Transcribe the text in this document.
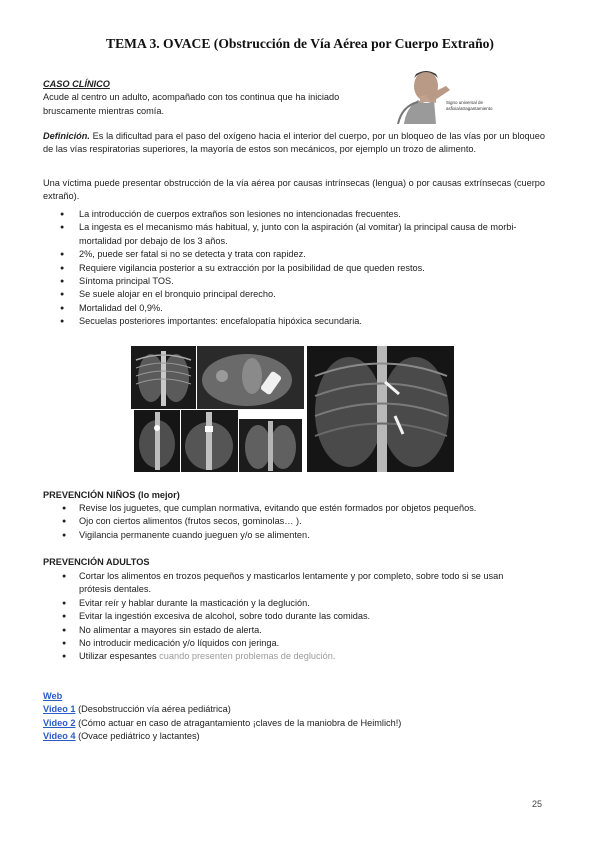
TEMA 3. OVACE (Obstrucción de Vía Aérea por Cuerpo Extraño)
CASO CLÍNICO
Acude al centro un adulto, acompañado con tos continua que ha iniciado bruscamente mientras comía.
Signo universal de asfixia/atragantamiento
Definición. Es la dificultad para el paso del oxígeno hacia el interior del cuerpo, por un bloqueo de las vías por un bloqueo de las vías respiratorias superiores, la mayoría de estos son mecánicos, por ejemplo un trozo de alimento.
Una víctima puede presentar obstrucción de la vía aérea por causas intrínsecas (lengua) o por causas extrínsecas (cuerpo extraño).
● La introducción de cuerpos extraños son lesiones no intencionadas frecuentes.
● La ingesta es el mecanismo más habitual, y, junto con la aspiración (al vomitar) la principal causa de morbi-mortalidad por debajo de los 3 años.
● 2%, puede ser fatal si no se detecta y trata con rapidez.
● Requiere vigilancia posterior a su extracción por la posibilidad de que queden restos.
● Síntoma principal TOS.
● Se suele alojar en el bronquio principal derecho.
● Mortalidad del 0,9%.
● Secuelas posteriores importantes: encefalopatía hipóxica secundaria.
PREVENCIÓN NIÑOS (lo mejor)
● Revise los juguetes, que cumplan normativa, evitando que estén formados por objetos pequeños.
● Ojo con ciertos alimentos (frutos secos, gominolas… ).
● Vigilancia permanente cuando jueguen y/o se alimenten.
PREVENCIÓN ADULTOS
● Cortar los alimentos en trozos pequeños y masticarlos lentamente y por completo, sobre todo si se usan prótesis dentales.
● Evitar reír y hablar durante la masticación y la deglución.
● Evitar la ingestión excesiva de alcohol, sobre todo durante las comidas.
● No alimentar a mayores sin estado de alerta.
● No introducir medicación y/o líquidos con jeringa.
● Utilizar espesantes cuando presenten problemas de deglución.
Web
Video 1 (Desobstrucción vía aérea pediátrica)
Video 2 (Cómo actuar en caso de atragantamiento ¡claves de la maniobra de Heimlich!)
Video 4 (Ovace pediátrico y lactantes)
25
